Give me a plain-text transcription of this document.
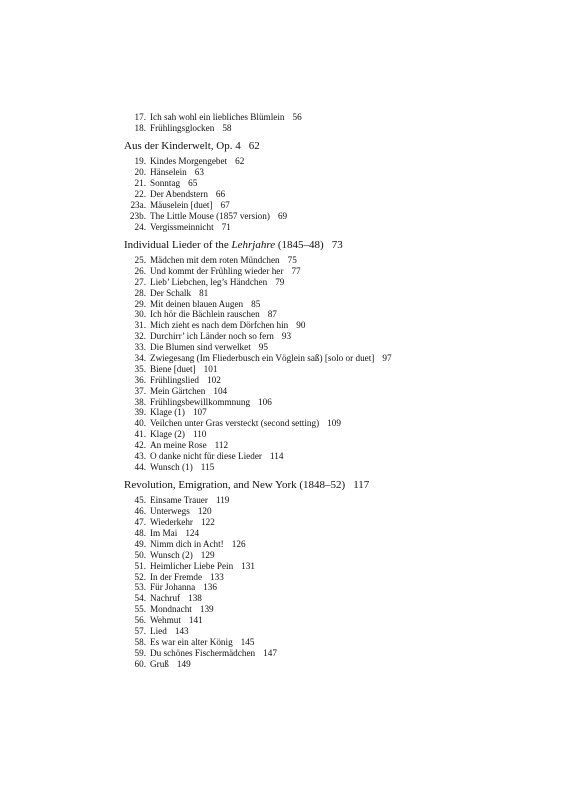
17. Ich sah wohl ein liebliches Blümlein 56
18. Frühlingsglocken 58
Aus der Kinderwelt, Op. 4 62
19. Kindes Morgengebet 62
20. Hänselein 63
21. Sonntag 65
22. Der Abendstern 66
23a. Mäuselein [duet] 67
23b. The Little Mouse (1857 version) 69
24. Vergissmeinnicht 71
Individual Lieder of the Lehrjahre (1845–48) 73
25. Mädchen mit dem roten Mündchen 75
26. Und kommt der Frühling wieder her 77
27. Lieb’ Liebchen, leg’s Händchen 79
28. Der Schalk 81
29. Mit deinen blauen Augen 85
30. Ich hör die Bächlein rauschen 87
31. Mich zieht es nach dem Dörfchen hin 90
32. Durchirr’ ich Länder noch so fern 93
33. Die Blumen sind verwelket 95
34. Zwiegesang (Im Fliederbusch ein Vöglein saß) [solo or duet] 97
35. Biene [duet] 101
36. Frühlingslied 102
37. Mein Gärtchen 104
38. Frühlingsbewillkommnung 106
39. Klage (1) 107
40. Veilchen unter Gras versteckt (second setting) 109
41. Klage (2) 110
42. An meine Rose 112
43. O danke nicht für diese Lieder 114
44. Wunsch (1) 115
Revolution, Emigration, and New York (1848–52) 117
45. Einsame Trauer 119
46. Unterwegs 120
47. Wiederkehr 122
48. Im Mai 124
49. Nimm dich in Acht! 126
50. Wunsch (2) 129
51. Heimlicher Liebe Pein 131
52. In der Fremde 133
53. Für Johanna 136
54. Nachruf 138
55. Mondnacht 139
56. Wehmut 141
57. Lied 143
58. Es war ein alter König 145
59. Du schönes Fischermädchen 147
60. Gruß 149
